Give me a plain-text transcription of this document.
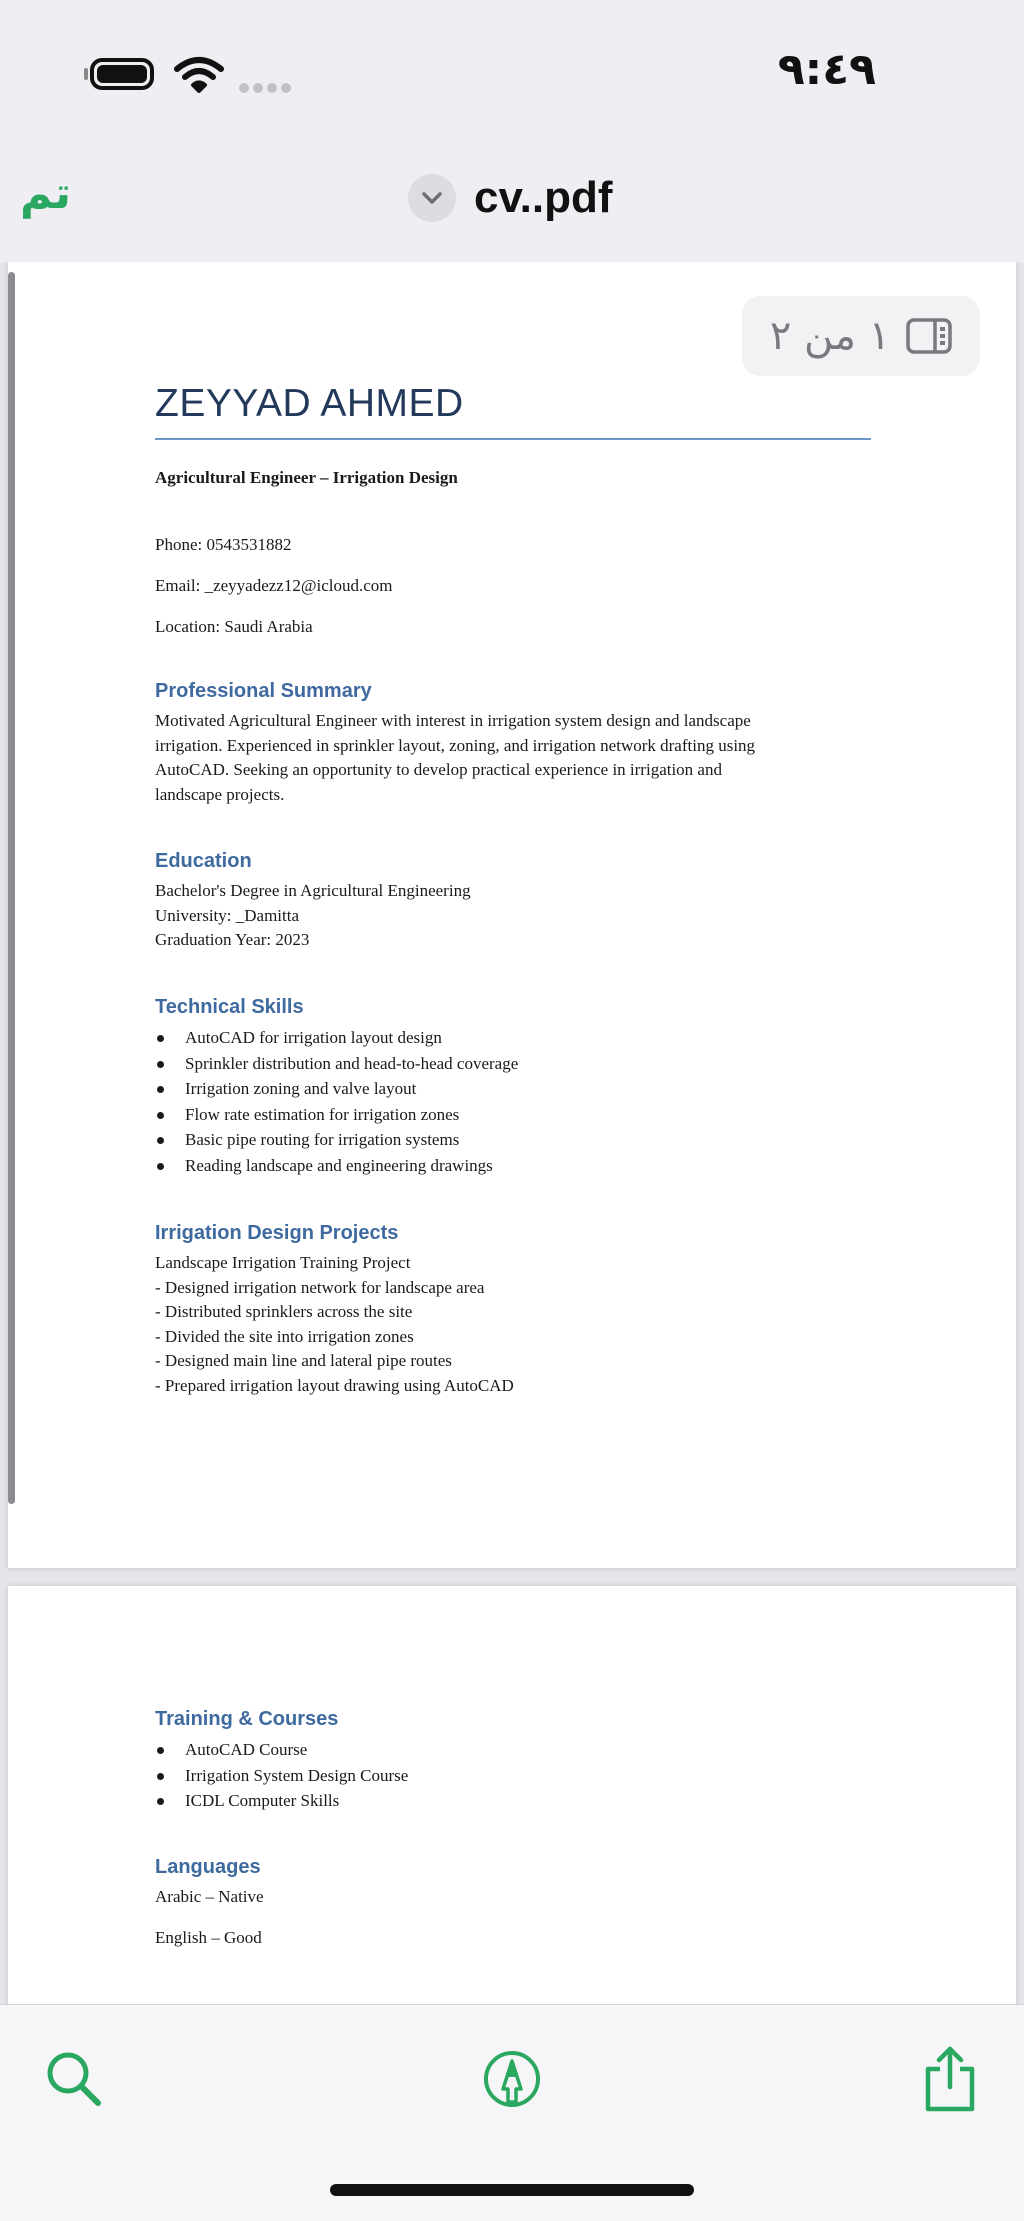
٩:٤٩
تم	cv..pdf
١ من ٢
ZEYYAD AHMED
Agricultural Engineer – Irrigation Design
Phone: 0543531882
Email: _zeyyadezz12@icloud.com
Location: Saudi Arabia
Professional Summary
Motivated Agricultural Engineer with interest in irrigation system design and landscape
irrigation. Experienced in sprinkler layout, zoning, and irrigation network drafting using
AutoCAD. Seeking an opportunity to develop practical experience in irrigation and
landscape projects.
Education
Bachelor's Degree in Agricultural Engineering
University: _Damitta
Graduation Year: 2023
Technical Skills
AutoCAD for irrigation layout design
Sprinkler distribution and head-to-head coverage
Irrigation zoning and valve layout
Flow rate estimation for irrigation zones
Basic pipe routing for irrigation systems
Reading landscape and engineering drawings
Irrigation Design Projects
Landscape Irrigation Training Project
- Designed irrigation network for landscape area
- Distributed sprinklers across the site
- Divided the site into irrigation zones
- Designed main line and lateral pipe routes
- Prepared irrigation layout drawing using AutoCAD
Training & Courses
AutoCAD Course
Irrigation System Design Course
ICDL Computer Skills
Languages
Arabic – Native
English – Good
